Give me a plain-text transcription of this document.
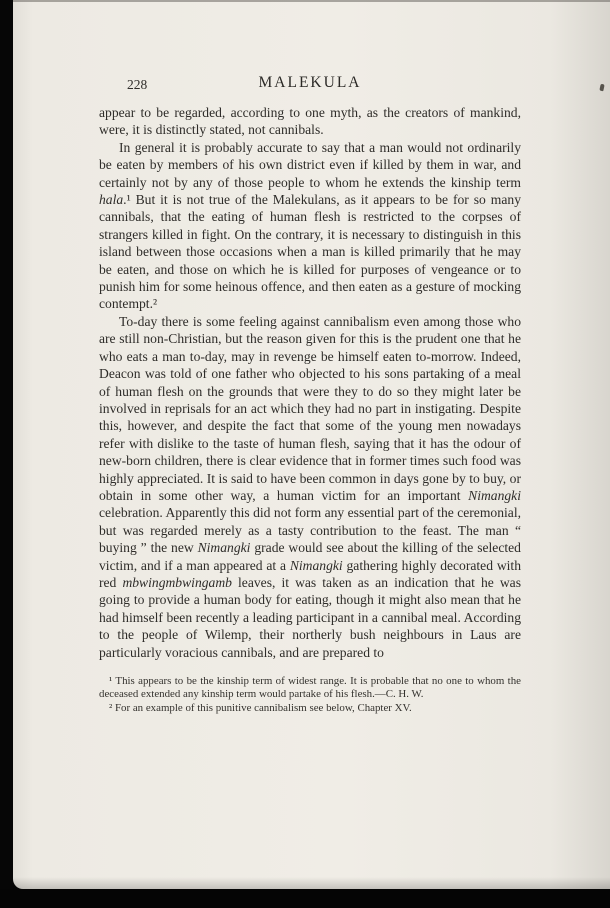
228	MALEKULA

appear to be regarded, according to one myth, as the creators of mankind, were, it is distinctly stated, not cannibals.

In general it is probably accurate to say that a man would not ordinarily be eaten by members of his own district even if killed by them in war, and certainly not by any of those people to whom he extends the kinship term hala.¹ But it is not true of the Malekulans, as it appears to be for so many cannibals, that the eating of human flesh is restricted to the corpses of strangers killed in fight. On the contrary, it is necessary to distinguish in this island between those occasions when a man is killed primarily that he may be eaten, and those on which he is killed for purposes of vengeance or to punish him for some heinous offence, and then eaten as a gesture of mocking contempt.²

To-day there is some feeling against cannibalism even among those who are still non-Christian, but the reason given for this is the prudent one that he who eats a man to-day, may in revenge be himself eaten to-morrow. Indeed, Deacon was told of one father who objected to his sons partaking of a meal of human flesh on the grounds that were they to do so they might later be involved in reprisals for an act which they had no part in instigating. Despite this, however, and despite the fact that some of the young men nowadays refer with dislike to the taste of human flesh, saying that it has the odour of new-born children, there is clear evidence that in former times such food was highly appreciated. It is said to have been common in days gone by to buy, or obtain in some other way, a human victim for an important Nimangki celebration. Apparently this did not form any essential part of the ceremonial, but was regarded merely as a tasty contribution to the feast. The man “ buying ” the new Nimangki grade would see about the killing of the selected victim, and if a man appeared at a Nimangki gathering highly decorated with red mbwingmbwingamb leaves, it was taken as an indication that he was going to provide a human body for eating, though it might also mean that he had himself been recently a leading participant in a cannibal meal. According to the people of Wilemp, their northerly bush neighbours in Laus are particularly voracious cannibals, and are prepared to

¹ This appears to be the kinship term of widest range. It is probable that no one to whom the deceased extended any kinship term would partake of his flesh.—C. H. W.

² For an example of this punitive cannibalism see below, Chapter XV.
